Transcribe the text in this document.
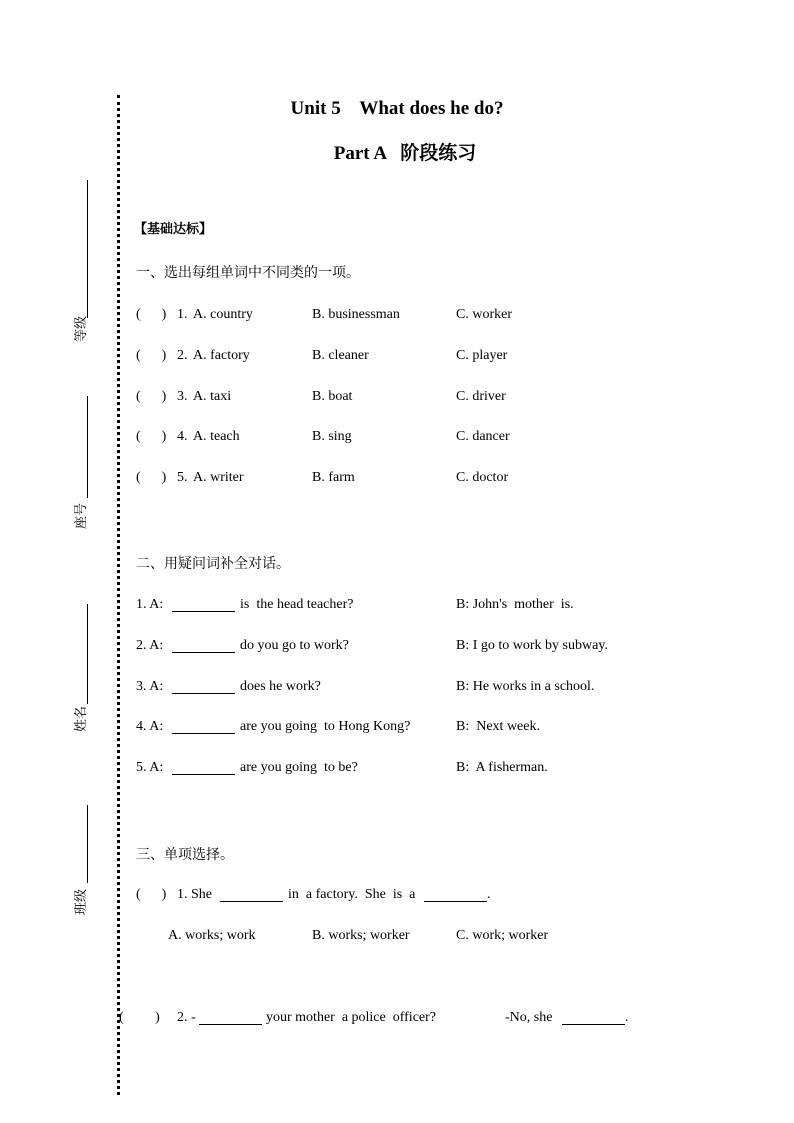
等级
座号
姓名
班级
Unit 5    What does he do?
Part A   阶段练习
【基础达标】
一、选出每组单词中不同类的一项。
(      ) 1. A. country	B. businessman	C. worker
(      ) 2. A. factory	B. cleaner	C. player
(      ) 3. A. taxi	B. boat	C. driver
(      ) 4. A. teach	B. sing	C. dancer
(      ) 5. A. writer	B. farm	C. doctor
二、用疑问词补全对话。
1. A:	is  the head teacher?	B: John's  mother  is.
2. A:	do you go to work?	B: I go to work by subway.
3. A:	does he work?	B: He works in a school.
4. A:	are you going  to Hong Kong?	B:  Next week.
5. A:	are you going  to be?	B:  A fisherman.
三、单项选择。
(      ) 1. She	in  a factory.  She  is  a	.
A. works; work	B. works; worker	C. work; worker
(         ) 2. -	your mother  a police  officer?	-No, she	.
